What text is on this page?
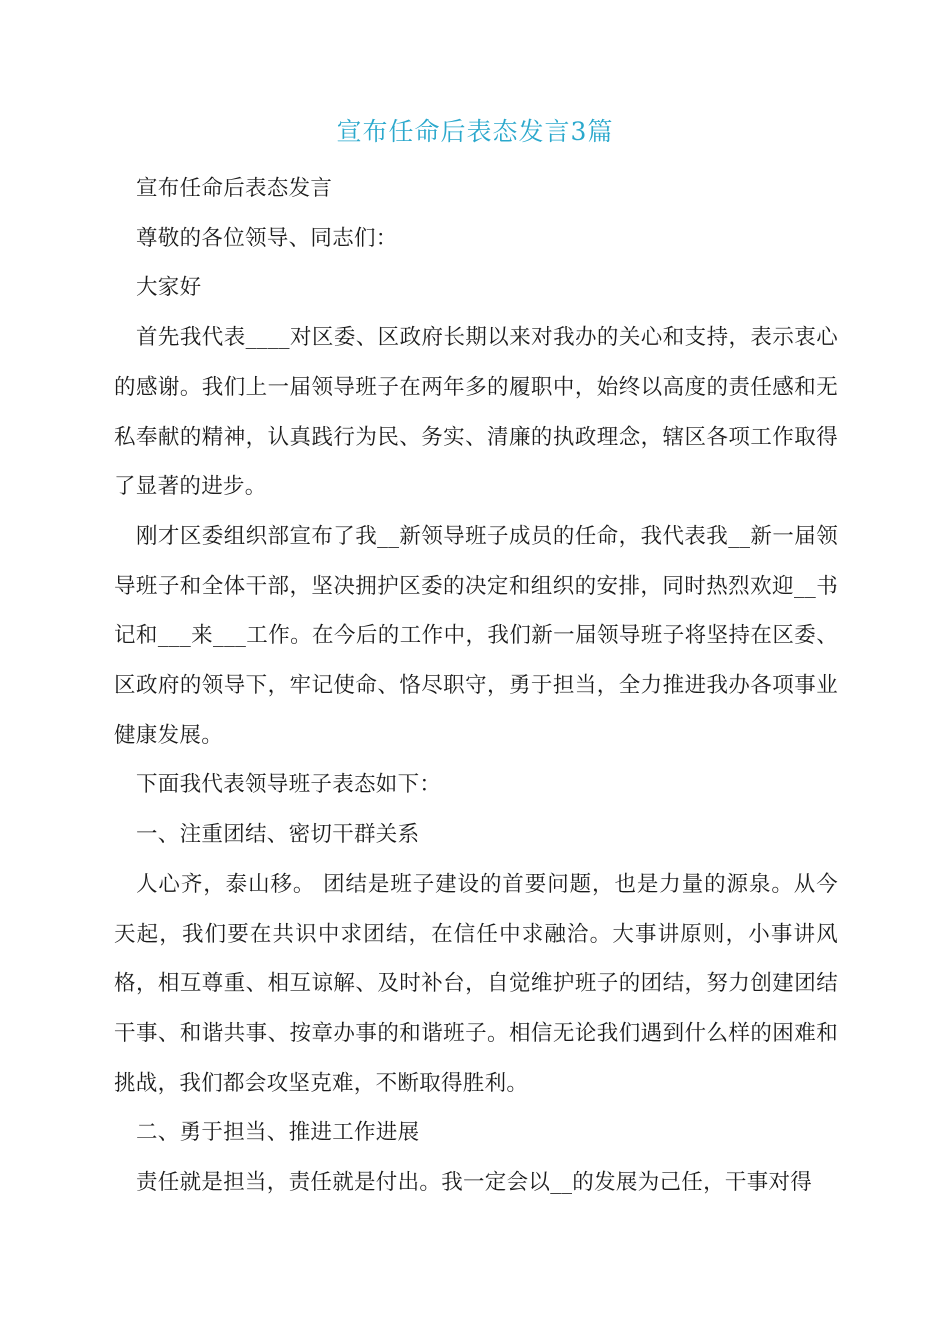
宣布任命后表态发言3篇

宣布任命后表态发言

尊敬的各位领导、同志们：

大家好

首先我代表____对区委、区政府长期以来对我办的关心和支持，表示衷心的感谢。我们上一届领导班子在两年多的履职中，始终以高度的责任感和无私奉献的精神，认真践行为民、务实、清廉的执政理念，辖区各项工作取得了显著的进步。

刚才区委组织部宣布了我__新领导班子成员的任命，我代表我__新一届领导班子和全体干部，坚决拥护区委的决定和组织的安排，同时热烈欢迎__书记和___来___工作。在今后的工作中，我们新一届领导班子将坚持在区委、区政府的领导下，牢记使命、恪尽职守，勇于担当，全力推进我办各项事业健康发展。

下面我代表领导班子表态如下：

一、注重团结、密切干群关系

人心齐，泰山移。 团结是班子建设的首要问题，也是力量的源泉。从今天起，我们要在共识中求团结，在信任中求融洽。大事讲原则，小事讲风格，相互尊重、相互谅解、及时补台，自觉维护班子的团结，努力创建团结干事、和谐共事、按章办事的和谐班子。相信无论我们遇到什么样的困难和挑战，我们都会攻坚克难，不断取得胜利。

二、勇于担当、推进工作进展

责任就是担当，责任就是付出。我一定会以__的发展为己任，干事对得
